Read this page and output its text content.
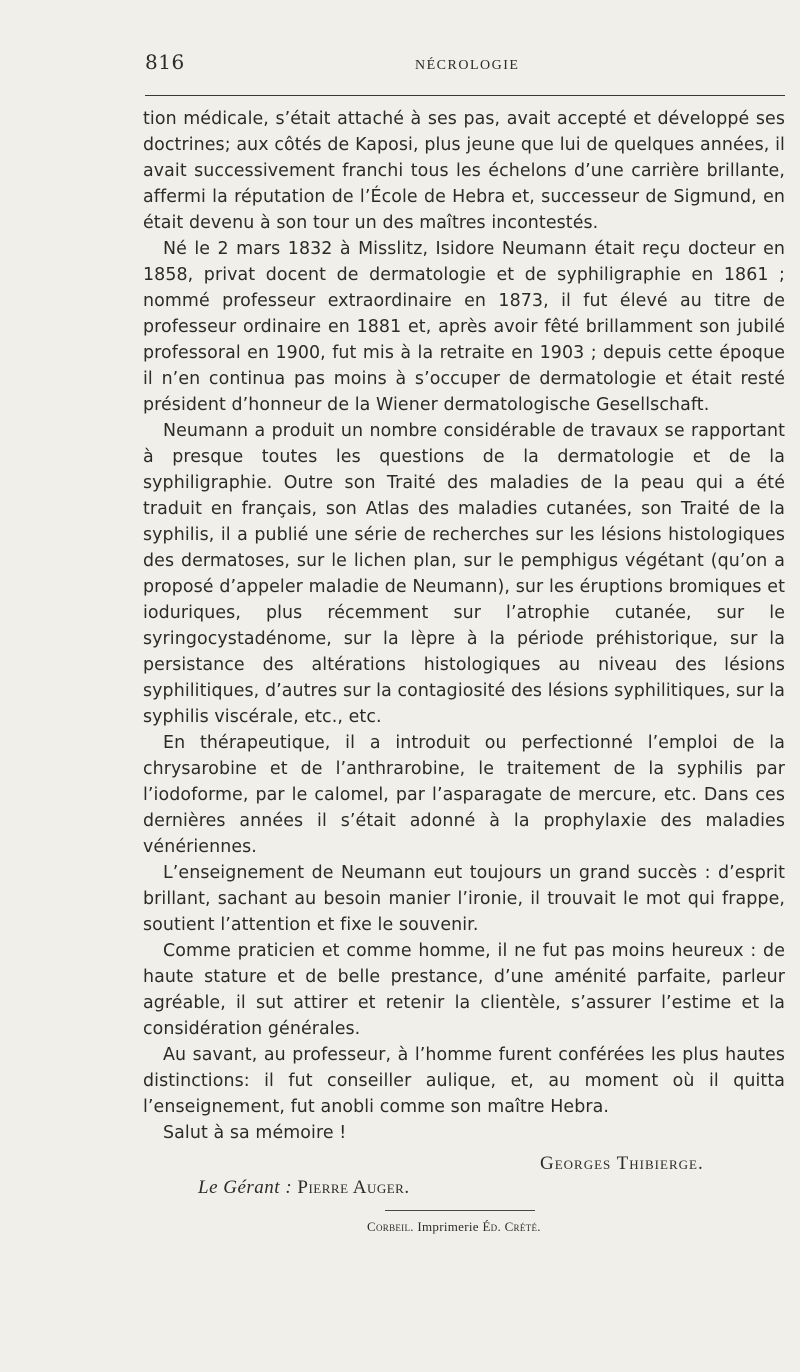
816	NÉCROLOGIE

tion médicale, s’était attaché à ses pas, avait accepté et développé ses doctrines; aux côtés de Kaposi, plus jeune que lui de quelques années, il avait successivement franchi tous les échelons d’une carrière brillante, affermi la réputation de l’École de Hebra et, successeur de Sigmund, en était devenu à son tour un des maîtres incontestés.

Né le 2 mars 1832 à Misslitz, Isidore Neumann était reçu docteur en 1858, privat docent de dermatologie et de syphiligraphie en 1861 ; nommé professeur extraordinaire en 1873, il fut élevé au titre de professeur ordinaire en 1881 et, après avoir fêté brillamment son jubilé professoral en 1900, fut mis à la retraite en 1903 ; depuis cette époque il n’en continua pas moins à s’occuper de dermatologie et était resté président d’honneur de la Wiener dermatologische Gesellschaft.

Neumann a produit un nombre considérable de travaux se rapportant à presque toutes les questions de la dermatologie et de la syphiligraphie. Outre son Traité des maladies de la peau qui a été traduit en français, son Atlas des maladies cutanées, son Traité de la syphilis, il a publié une série de recherches sur les lésions histologiques des dermatoses, sur le lichen plan, sur le pemphigus végétant (qu’on a proposé d’appeler maladie de Neumann), sur les éruptions bromiques et ioduriques, plus récemment sur l’atrophie cutanée, sur le syringocystadénome, sur la lèpre à la période préhistorique, sur la persistance des altérations histologiques au niveau des lésions syphilitiques, d’autres sur la contagiosité des lésions syphilitiques, sur la syphilis viscérale, etc., etc.

En thérapeutique, il a introduit ou perfectionné l’emploi de la chrysarobine et de l’anthrarobine, le traitement de la syphilis par l’iodoforme, par le calomel, par l’asparagate de mercure, etc. Dans ces dernières années il s’était adonné à la prophylaxie des maladies vénériennes.

L’enseignement de Neumann eut toujours un grand succès : d’esprit brillant, sachant au besoin manier l’ironie, il trouvait le mot qui frappe, soutient l’attention et fixe le souvenir.

Comme praticien et comme homme, il ne fut pas moins heureux : de haute stature et de belle prestance, d’une aménité parfaite, parleur agréable, il sut attirer et retenir la clientèle, s’assurer l’estime et la considération générales.

Au savant, au professeur, à l’homme furent conférées les plus hautes distinctions: il fut conseiller aulique, et, au moment où il quitta l’enseignement, fut anobli comme son maître Hebra.

Salut à sa mémoire !

Georges Thibierge.
Le Gérant : Pierre Auger.
Corbeil. Imprimerie Éd. Crété.
